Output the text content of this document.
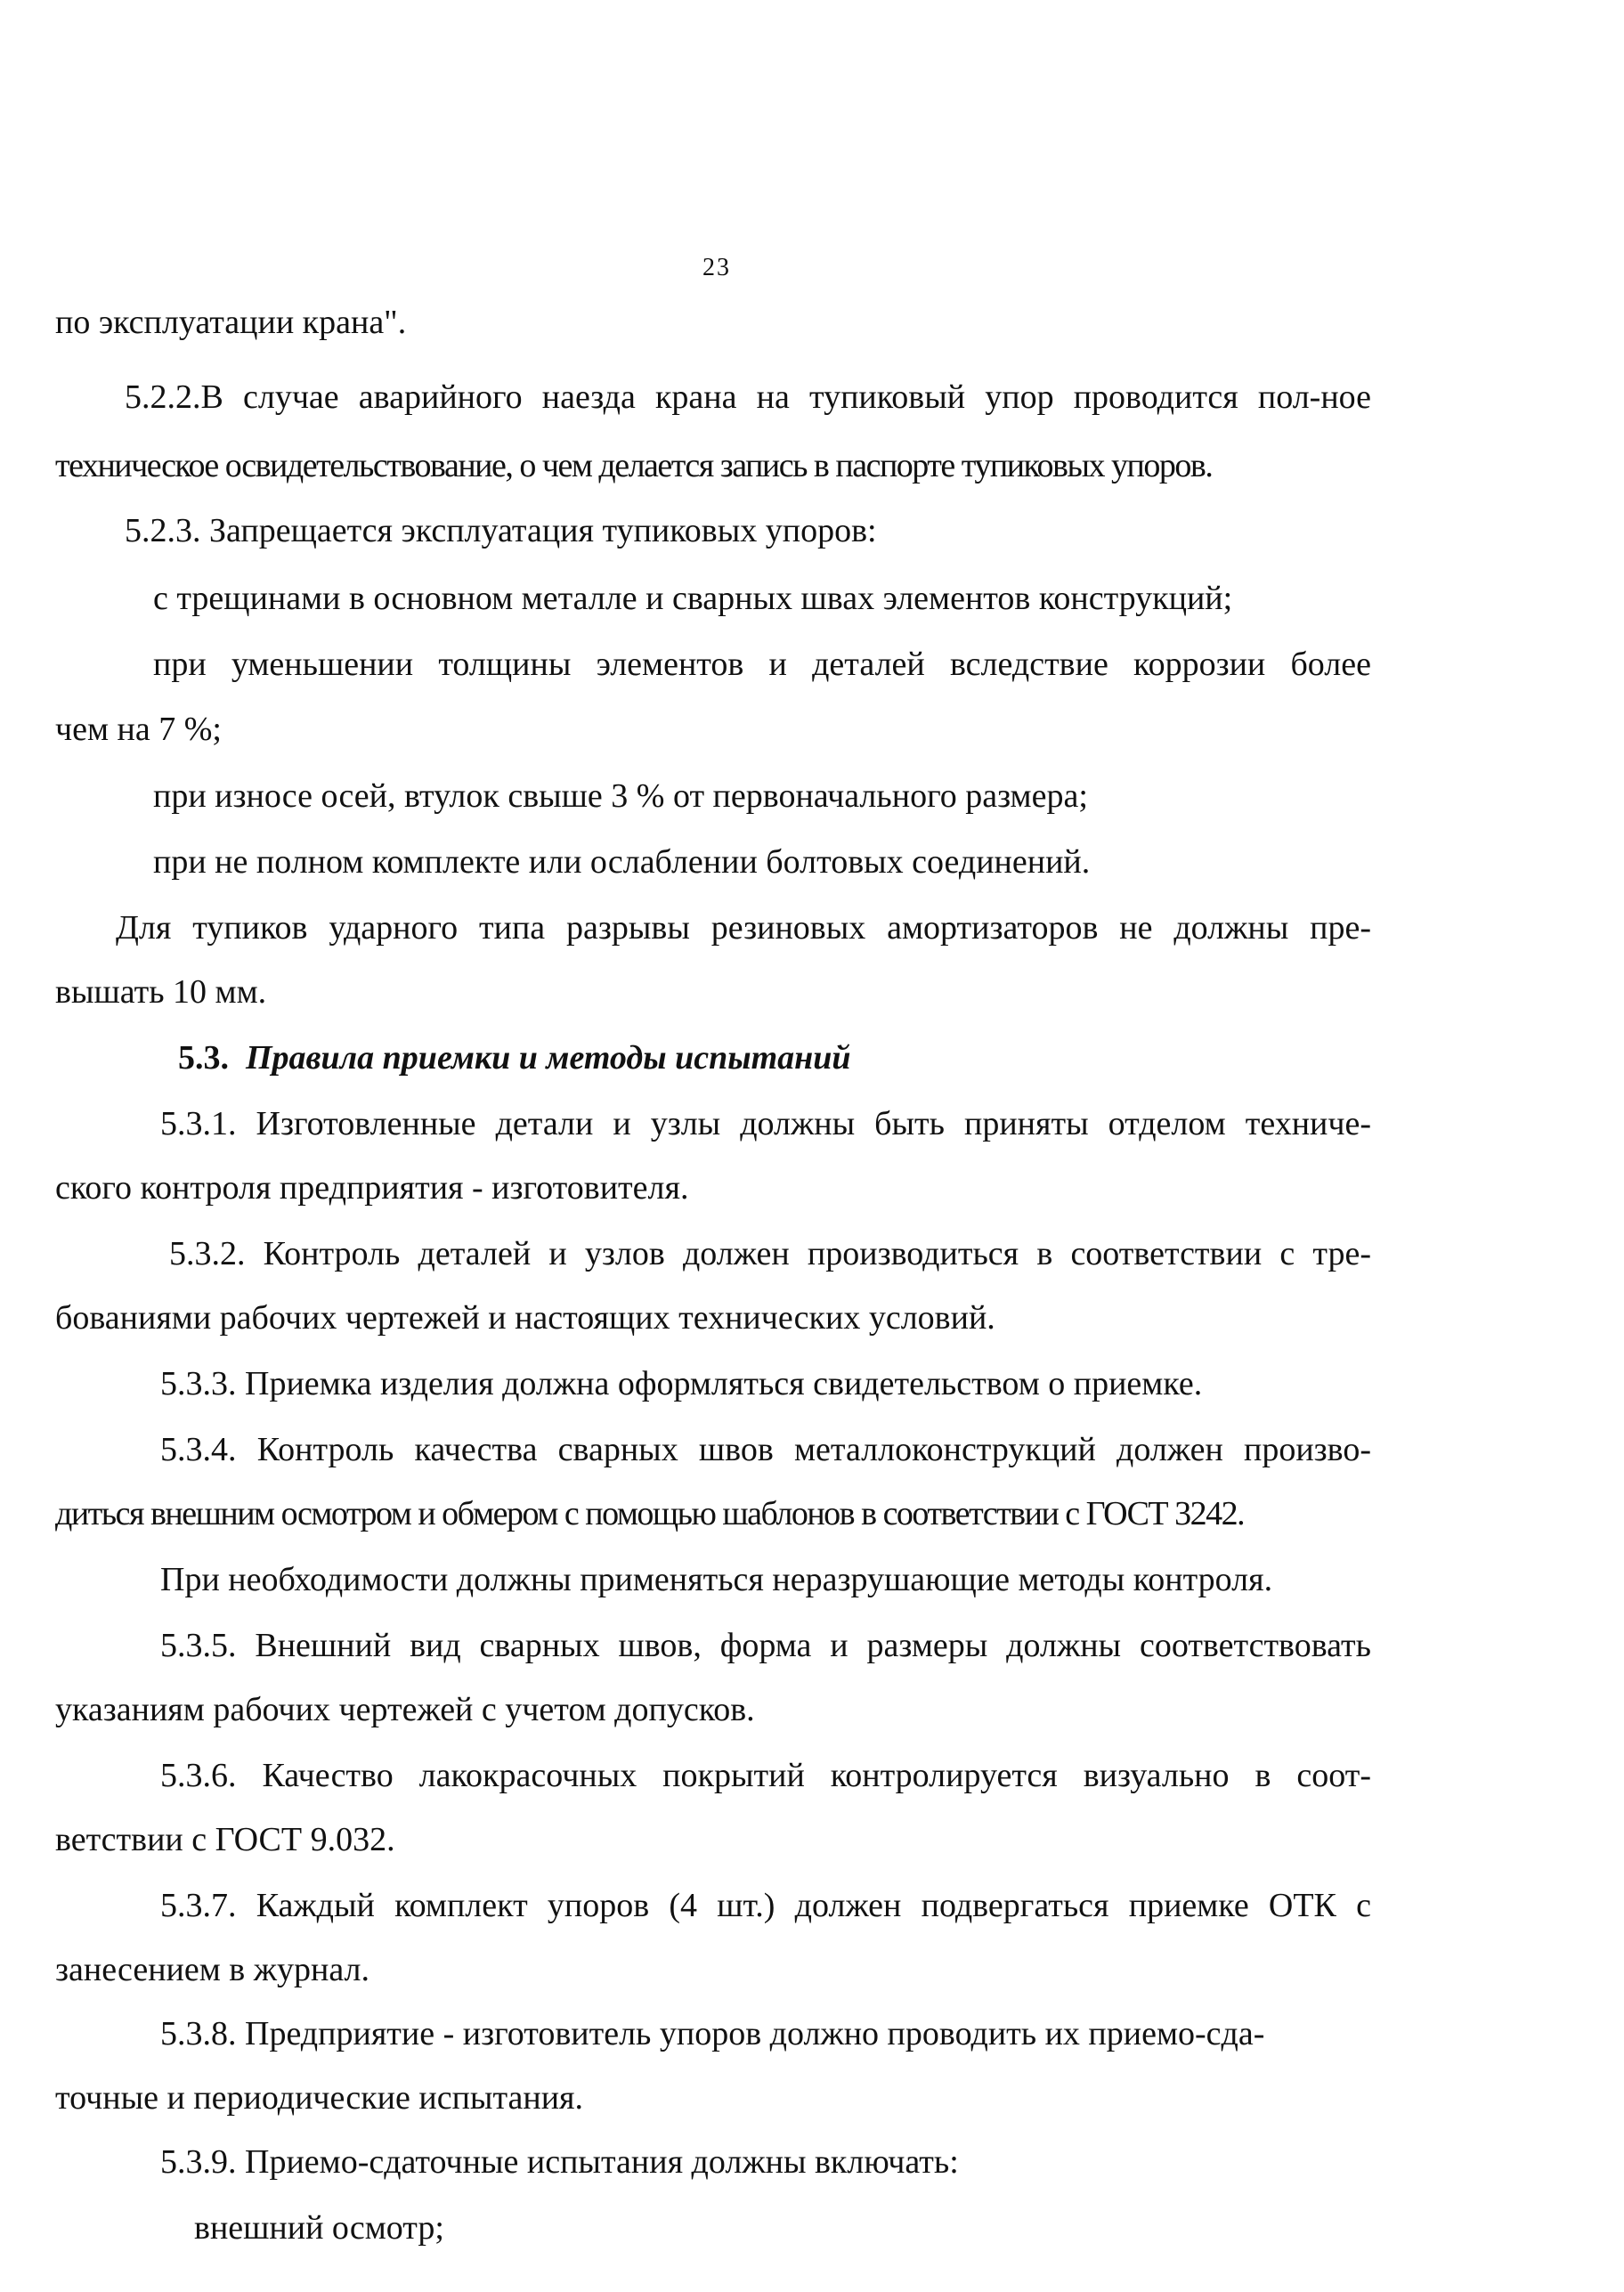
23
по эксплуатации крана".
5.2.2.В случае аварийного наезда крана на тупиковый упор проводится пол-ное
техническое освидетельствование, о чем делается запись в паспорте тупиковых упоров.
5.2.3. Запрещается эксплуатация тупиковых упоров:
с трещинами в основном металле и сварных швах элементов конструкций;
при уменьшении толщины элементов и деталей вследствие коррозии более
чем на 7 %;
при износе осей, втулок свыше 3 % от первоначального размера;
при не полном комплекте или ослаблении болтовых соединений.
Для тупиков ударного типа разрывы резиновых амортизаторов не должны пре-
вышать 10 мм.
5.3. Правила приемки и методы испытаний
5.3.1. Изготовленные детали и узлы должны быть приняты отделом техниче-
ского контроля предприятия - изготовителя.
5.3.2. Контроль деталей и узлов должен производиться в соответствии с тре-
бованиями рабочих чертежей и настоящих технических условий.
5.3.3. Приемка изделия должна оформляться свидетельством о приемке.
5.3.4. Контроль качества сварных швов металлоконструкций должен произво-
диться внешним осмотром и обмером с помощью шаблонов в соответствии с ГОСТ 3242.
При необходимости должны применяться неразрушающие методы контроля.
5.3.5. Внешний вид сварных швов, форма и размеры должны соответствовать
указаниям рабочих чертежей с учетом допусков.
5.3.6. Качество лакокрасочных покрытий контролируется визуально в соот-
ветствии с ГОСТ 9.032.
5.3.7. Каждый комплект упоров (4 шт.) должен подвергаться приемке ОТК с
занесением в журнал.
5.3.8. Предприятие - изготовитель упоров должно проводить их приемо-сда-
точные и периодические испытания.
5.3.9. Приемо-сдаточные испытания должны включать:
внешний осмотр;
